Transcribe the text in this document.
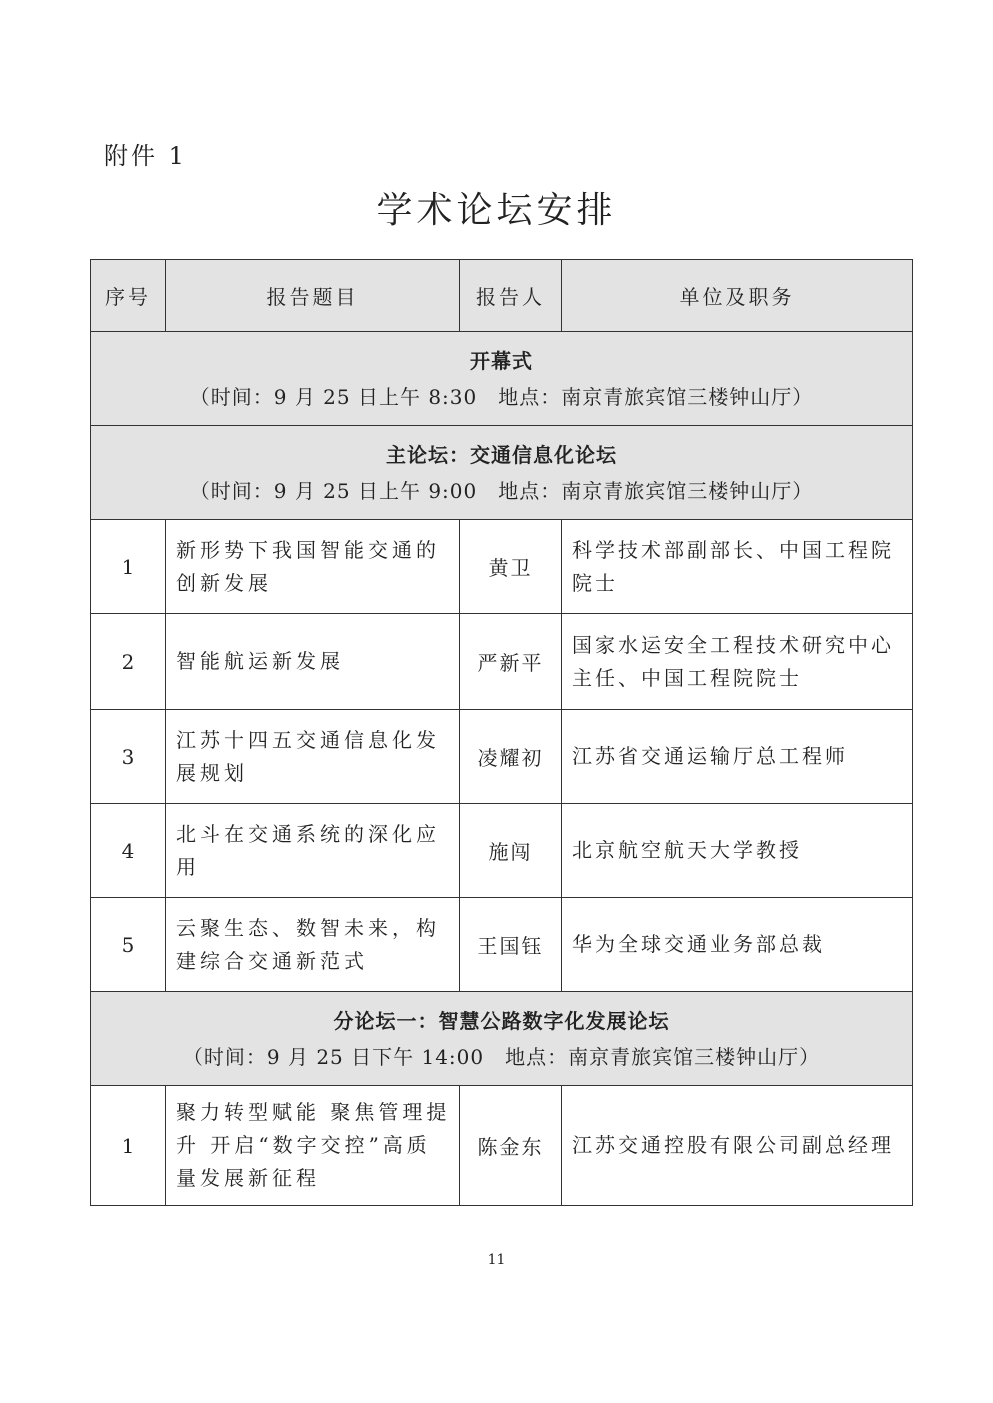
附件 1
学术论坛安排
序号	报告题目	报告人	单位及职务

开幕式
（时间：9 月 25 日上午 8:30　地点：南京青旅宾馆三楼钟山厅）			

主论坛：交通信息化论坛
（时间：9 月 25 日上午 9:00　地点：南京青旅宾馆三楼钟山厅）			

1	新形势下我国智能交通的创新发展	黄卫	科学技术部副部长、中国工程院院士
2	智能航运新发展	严新平	国家水运安全工程技术研究中心主任、中国工程院院士
3	江苏十四五交通信息化发展规划	凌耀初	江苏省交通运输厅总工程师
4	北斗在交通系统的深化应用	施闯	北京航空航天大学教授
5	云聚生态、数智未来，构建综合交通新范式	王国钰	华为全球交通业务部总裁

分论坛一：智慧公路数字化发展论坛
（时间：9 月 25 日下午 14:00　地点：南京青旅宾馆三楼钟山厅）			

1	聚力转型赋能 聚焦管理提升 开启“数字交控”高质量发展新征程	陈金东	江苏交通控股有限公司副总经理
11
